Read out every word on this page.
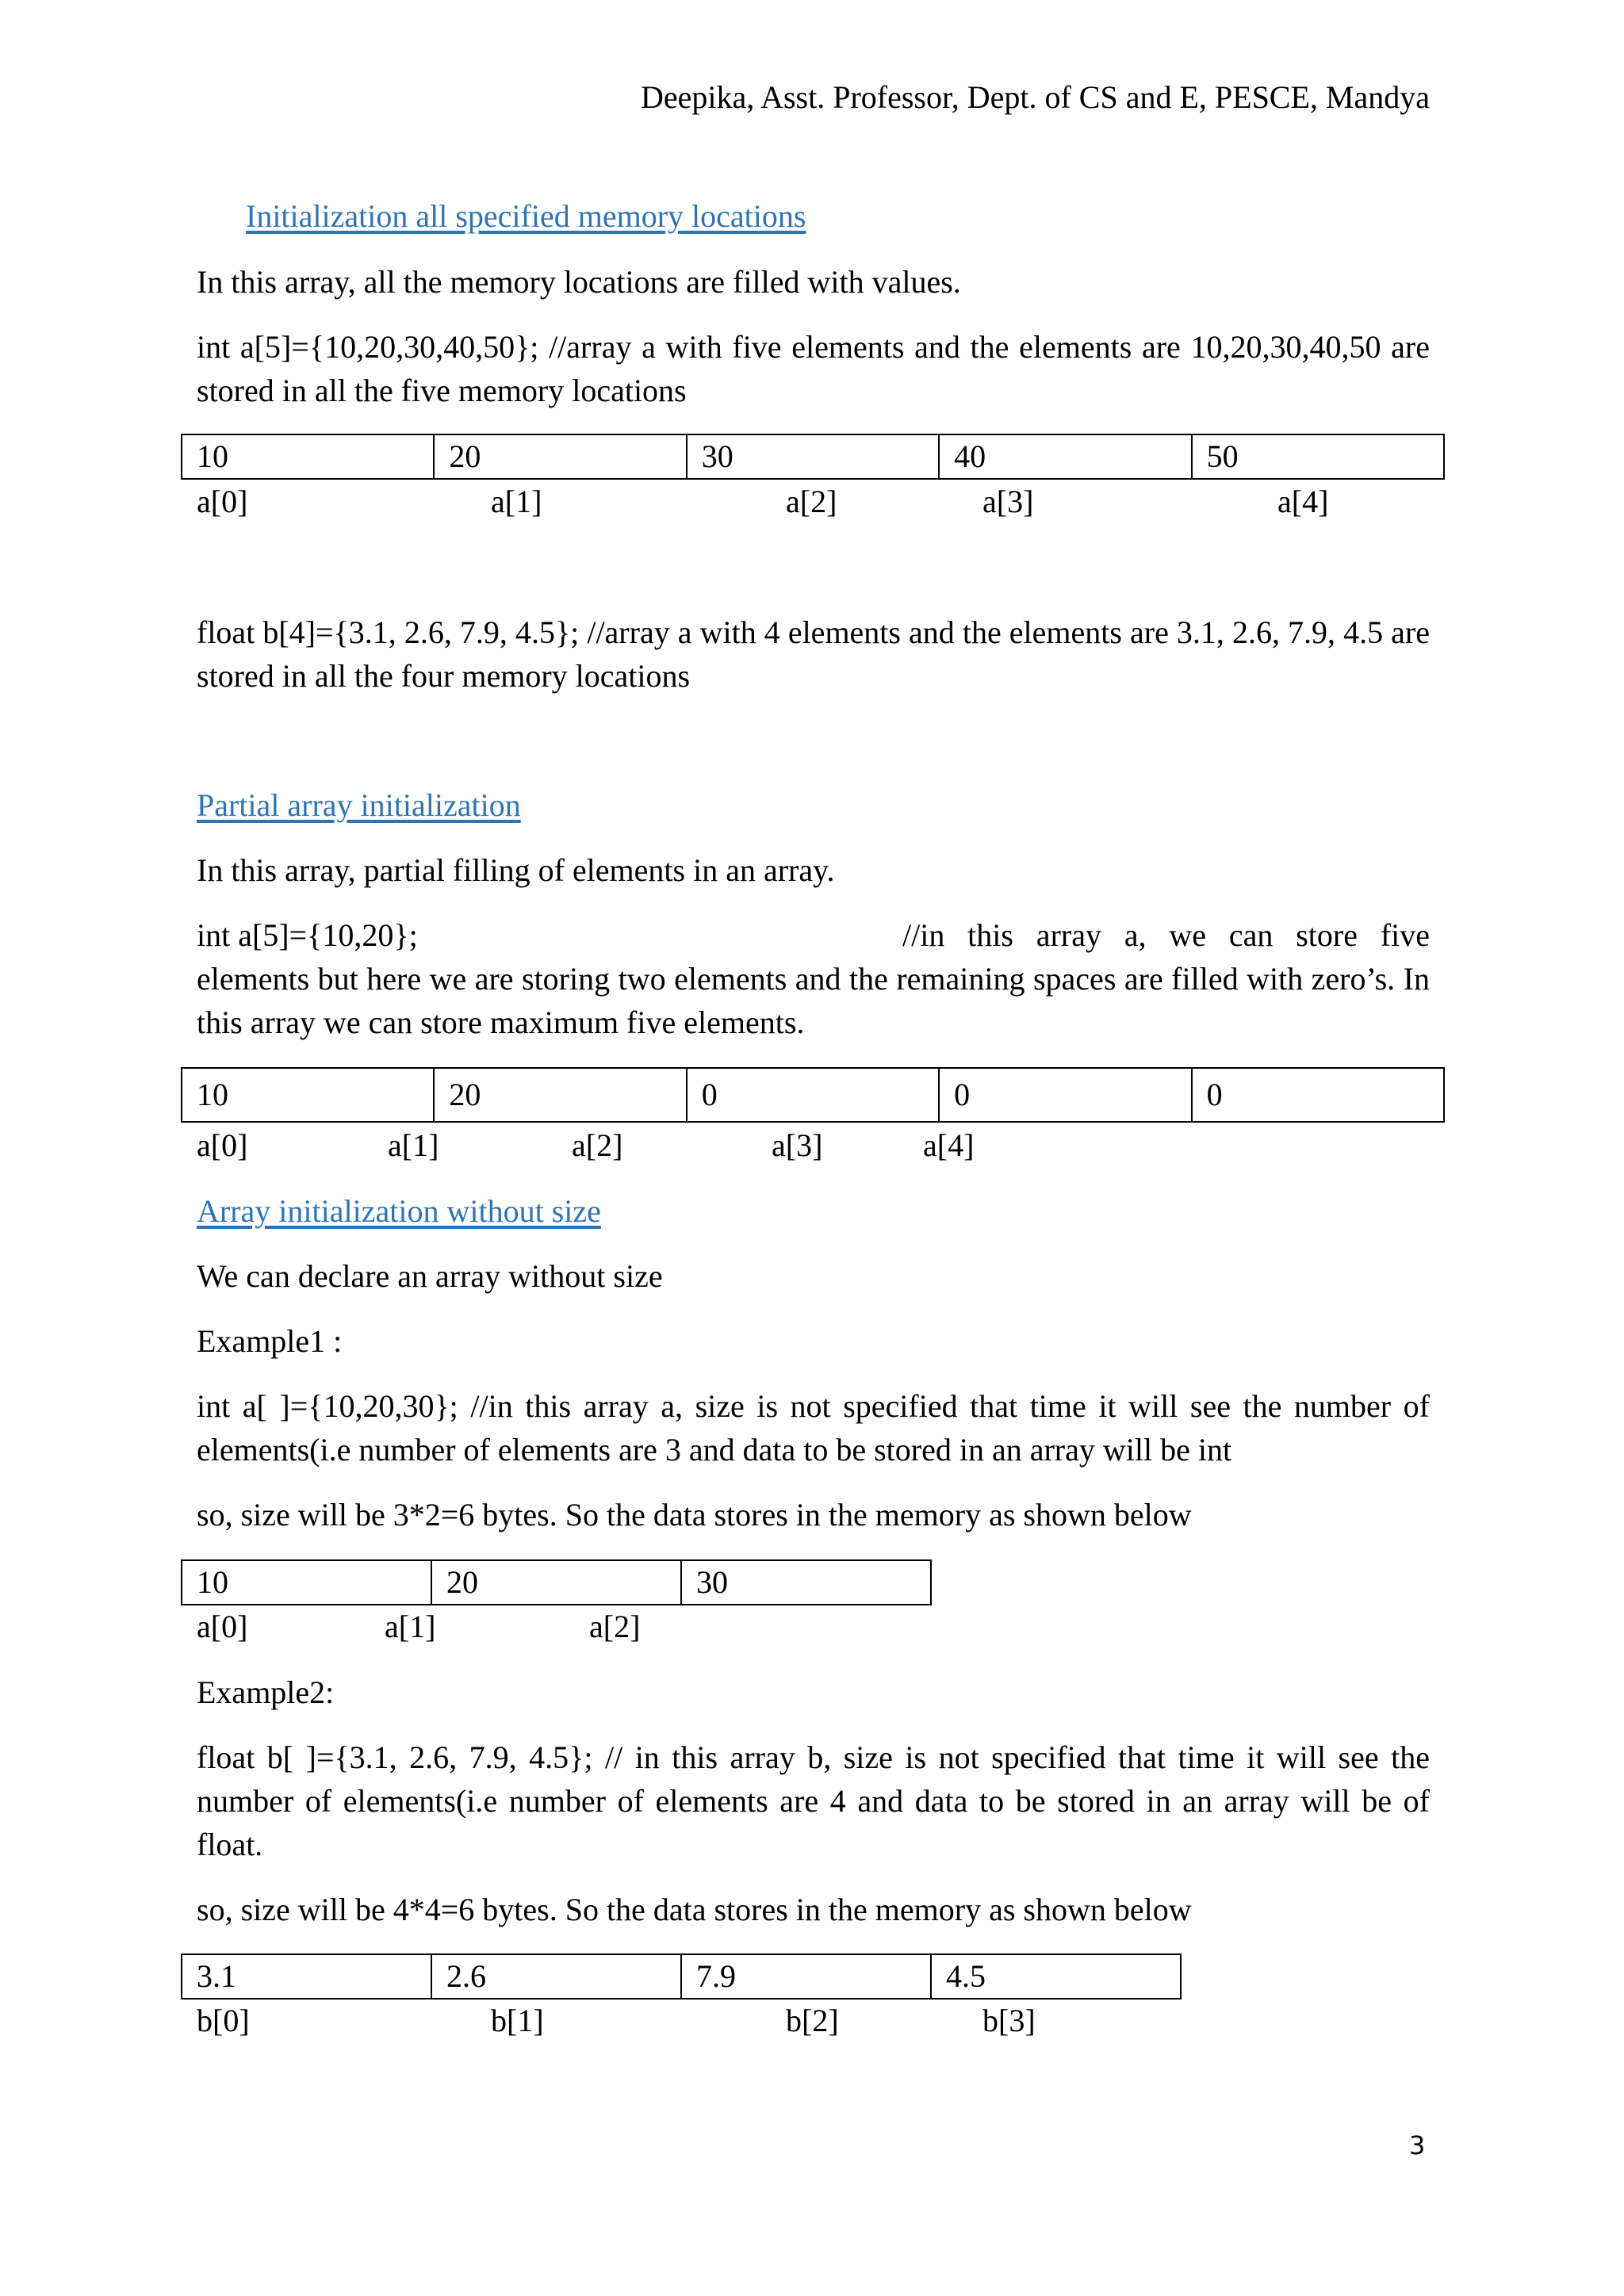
Deepika, Asst. Professor, Dept. of CS and E, PESCE, Mandya
Initialization all specified memory locations
In this array, all the memory locations are filled with values.
int a[5]={10,20,30,40,50}; //array a with five elements and the elements are 10,20,30,40,50 are stored in all the five memory locations
10	20	30	40	50
a[0]	a[1]	a[2]	a[3]	a[4]
float b[4]={3.1, 2.6, 7.9, 4.5}; //array a with 4 elements and the elements are 3.1, 2.6, 7.9, 4.5 are stored in all the four memory locations
Partial array initialization
In this array, partial filling of elements in an array.
int a[5]={10,20};	//in this array a, we can store five elements but here we are storing two elements and the remaining spaces are filled with zero’s. In this array we can store maximum five elements.
10	20	0	0	0
a[0]	a[1]	a[2]	a[3]	a[4]
Array initialization without size
We can declare an array without size
Example1 :
int a[ ]={10,20,30}; //in this array a, size is not specified that time it will see the number of elements(i.e number of elements are 3 and data to be stored in an array will be int
so, size will be 3*2=6 bytes. So the data stores in the memory as shown below
10	20	30
a[0]	a[1]	a[2]
Example2:
float b[ ]={3.1, 2.6, 7.9, 4.5}; // in this array b, size is not specified that time it will see the number of elements(i.e number of elements are 4 and data to be stored in an array will be of float.
so, size will be 4*4=6 bytes. So the data stores in the memory as shown below
3.1	2.6	7.9	4.5
b[0]	b[1]	b[2]	b[3]
3
